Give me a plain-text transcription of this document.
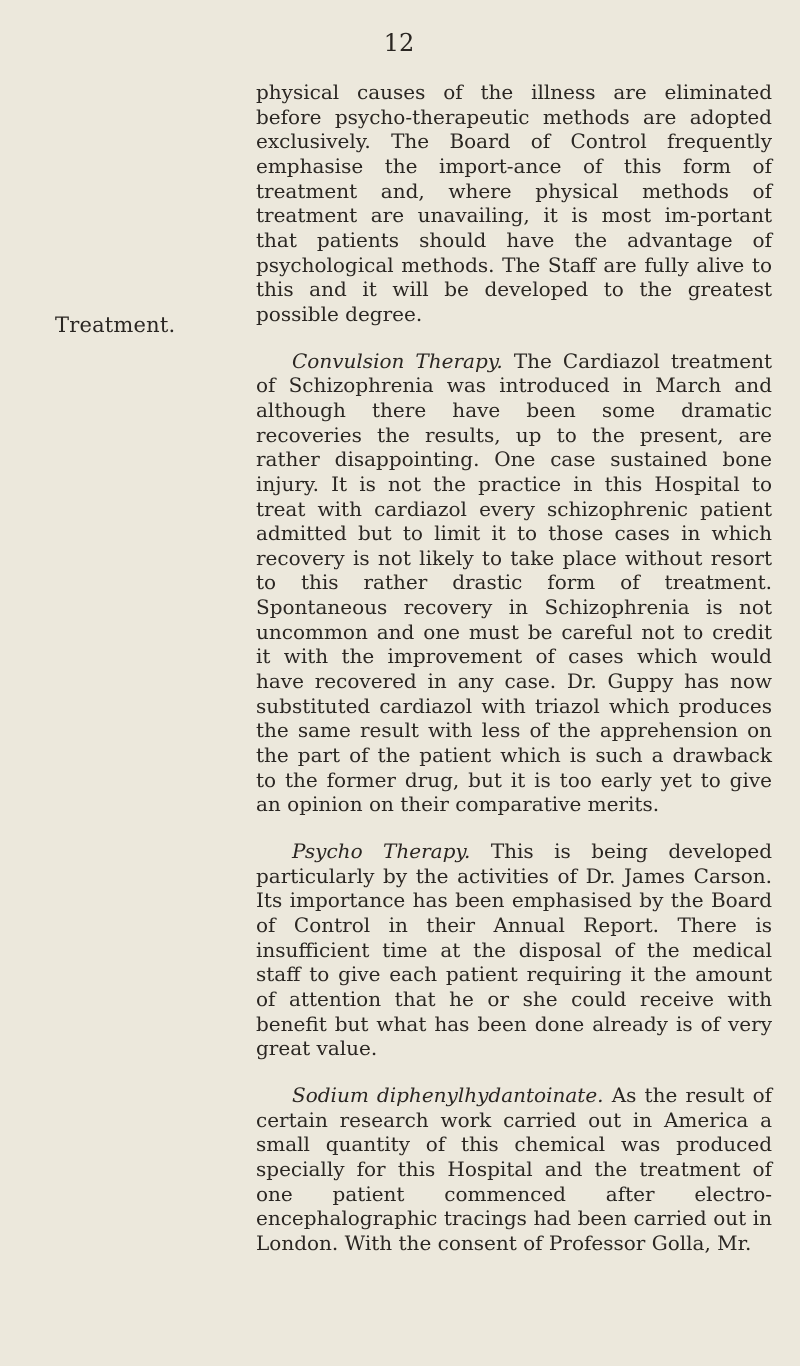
12
Treatment.

physical causes of the illness are eliminated before psycho-therapeutic methods are adopted exclusively. The Board of Control frequently emphasise the import-ance of this form of treatment and, where physical methods of treatment are unavailing, it is most im-portant that patients should have the advantage of psychological methods. The Staff are fully alive to this and it will be developed to the greatest possible degree.

Convulsion Therapy. The Cardiazol treatment of Schizophrenia was introduced in March and although there have been some dramatic recoveries the results, up to the present, are rather disappointing. One case sustained bone injury. It is not the practice in this Hospital to treat with cardiazol every schizophrenic patient admitted but to limit it to those cases in which recovery is not likely to take place without resort to this rather drastic form of treatment. Spontaneous recovery in Schizophrenia is not uncommon and one must be careful not to credit it with the improvement of cases which would have recovered in any case. Dr. Guppy has now substituted cardiazol with triazol which produces the same result with less of the apprehension on the part of the patient which is such a drawback to the former drug, but it is too early yet to give an opinion on their comparative merits.

Psycho Therapy. This is being developed particularly by the activities of Dr. James Carson. Its importance has been emphasised by the Board of Control in their Annual Report. There is insufficient time at the disposal of the medical staff to give each patient requiring it the amount of attention that he or she could receive with benefit but what has been done already is of very great value.

Sodium diphenylhydantoinate. As the result of certain research work carried out in America a small quantity of this chemical was produced specially for this Hospital and the treatment of one patient commenced after electro-encephalographic tracings had been carried out in London. With the consent of Professor Golla, Mr.
